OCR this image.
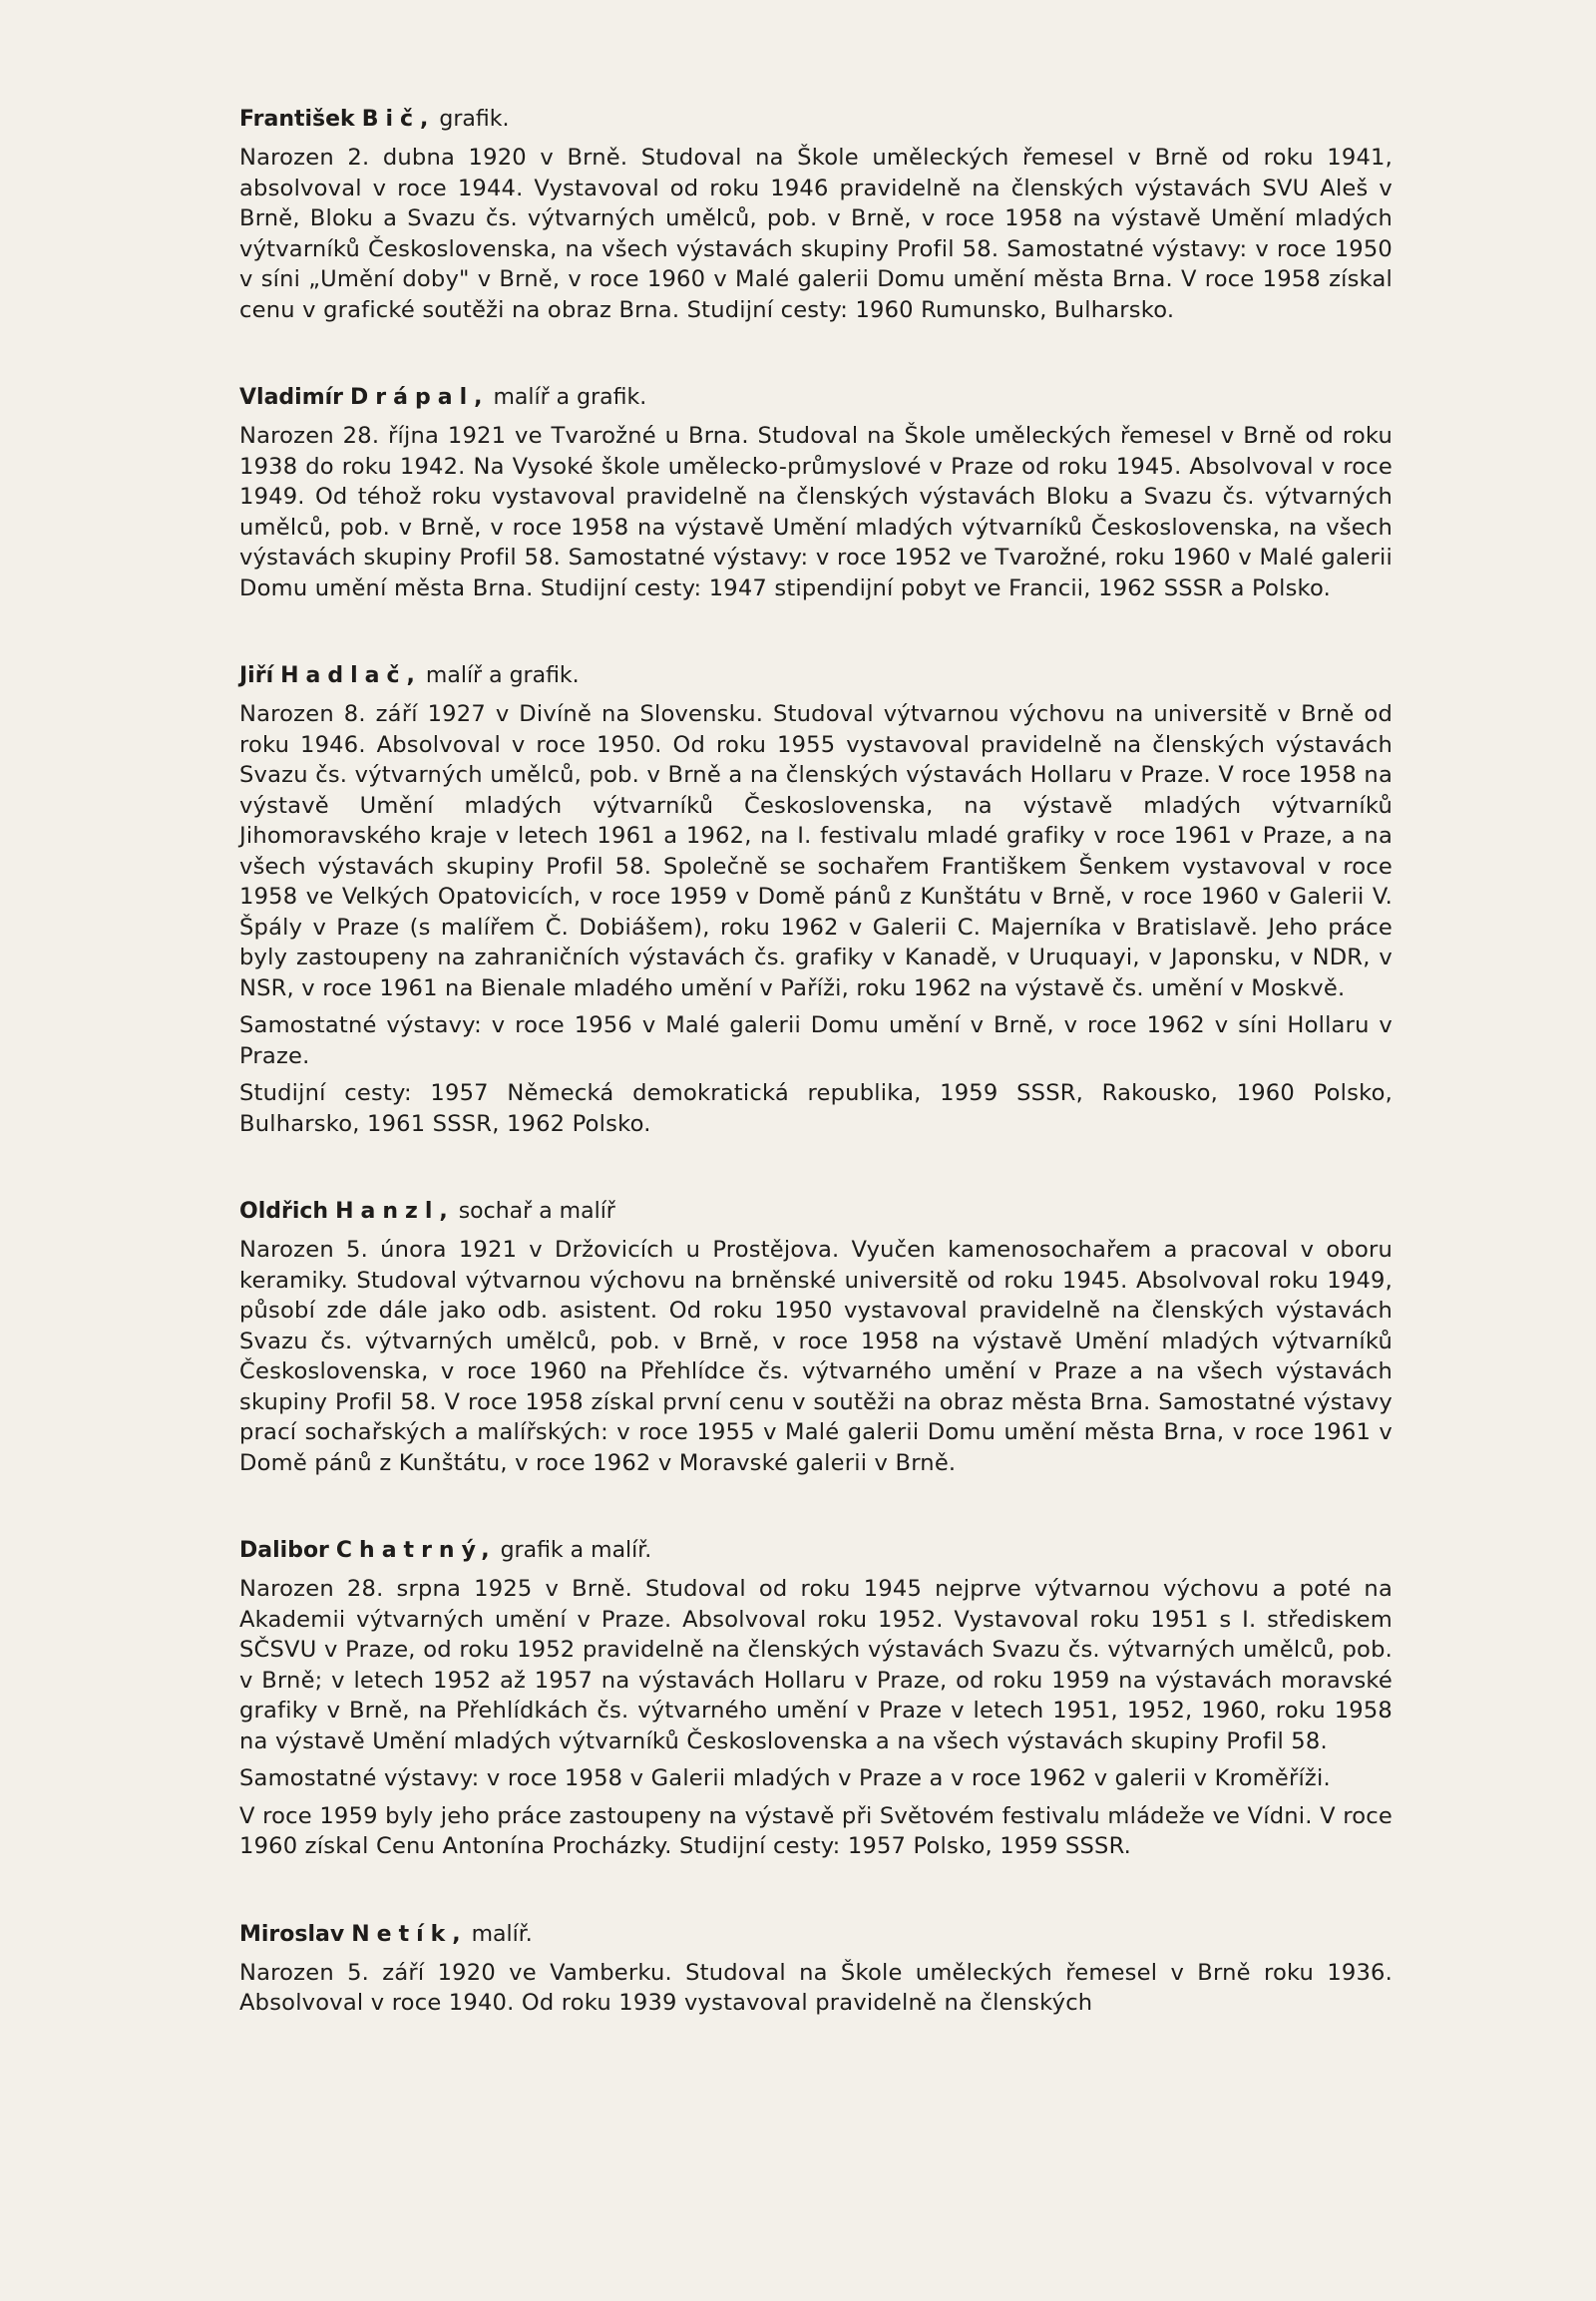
František Bič, grafik.

Narozen 2. dubna 1920 v Brně. Studoval na Škole uměleckých řemesel v Brně od roku 1941, absolvoval v roce 1944. Vystavoval od roku 1946 pravidelně na členských výstavách SVU Aleš v Brně, Bloku a Svazu čs. výtvarných umělců, pob. v Brně, v roce 1958 na výstavě Umění mladých výtvarníků Československa, na všech výstavách skupiny Profil 58. Samostatné výstavy: v roce 1950 v síni „Umění doby" v Brně, v roce 1960 v Malé galerii Domu umění města Brna. V roce 1958 získal cenu v grafické soutěži na obraz Brna. Studijní cesty: 1960 Rumunsko, Bulharsko.

Vladimír Drápal, malíř a grafik.

Narozen 28. října 1921 ve Tvarožné u Brna. Studoval na Škole uměleckých řemesel v Brně od roku 1938 do roku 1942. Na Vysoké škole umělecko-průmyslové v Praze od roku 1945. Absolvoval v roce 1949. Od téhož roku vystavoval pravidelně na členských výstavách Bloku a Svazu čs. výtvarných umělců, pob. v Brně, v roce 1958 na výstavě Umění mladých výtvarníků Československa, na všech výstavách skupiny Profil 58. Samostatné výstavy: v roce 1952 ve Tvarožné, roku 1960 v Malé galerii Domu umění města Brna. Studijní cesty: 1947 stipendijní pobyt ve Francii, 1962 SSSR a Polsko.

Jiří Hadlač, malíř a grafik.

Narozen 8. září 1927 v Divíně na Slovensku. Studoval výtvarnou výchovu na universitě v Brně od roku 1946. Absolvoval v roce 1950. Od roku 1955 vystavoval pravidelně na členských výstavách Svazu čs. výtvarných umělců, pob. v Brně a na členských výstavách Hollaru v Praze. V roce 1958 na výstavě Umění mladých výtvarníků Československa, na výstavě mladých výtvarníků Jihomoravského kraje v letech 1961 a 1962, na I. festivalu mladé grafiky v roce 1961 v Praze, a na všech výstavách skupiny Profil 58. Společně se sochařem Františkem Šenkem vystavoval v roce 1958 ve Velkých Opatovicích, v roce 1959 v Domě pánů z Kunštátu v Brně, v roce 1960 v Galerii V. Špály v Praze (s malířem Č. Dobiášem), roku 1962 v Galerii C. Majerníka v Bratislavě. Jeho práce byly zastoupeny na zahraničních výstavách čs. grafiky v Kanadě, v Uruquayi, v Japonsku, v NDR, v NSR, v roce 1961 na Bienale mladého umění v Paříži, roku 1962 na výstavě čs. umění v Moskvě.

Samostatné výstavy: v roce 1956 v Malé galerii Domu umění v Brně, v roce 1962 v síni Hollaru v Praze.

Studijní cesty: 1957 Německá demokratická republika, 1959 SSSR, Rakousko, 1960 Polsko, Bulharsko, 1961 SSSR, 1962 Polsko.

Oldřich Hanzl, sochař a malíř

Narozen 5. února 1921 v Držovicích u Prostějova. Vyučen kamenosochařem a pracoval v oboru keramiky. Studoval výtvarnou výchovu na brněnské universitě od roku 1945. Absolvoval roku 1949, působí zde dále jako odb. asistent. Od roku 1950 vystavoval pravidelně na členských výstavách Svazu čs. výtvarných umělců, pob. v Brně, v roce 1958 na výstavě Umění mladých výtvarníků Československa, v roce 1960 na Přehlídce čs. výtvarného umění v Praze a na všech výstavách skupiny Profil 58. V roce 1958 získal první cenu v soutěži na obraz města Brna. Samostatné výstavy prací sochařských a malířských: v roce 1955 v Malé galerii Domu umění města Brna, v roce 1961 v Domě pánů z Kunštátu, v roce 1962 v Moravské galerii v Brně.

Dalibor Chatrný, grafik a malíř.

Narozen 28. srpna 1925 v Brně. Studoval od roku 1945 nejprve výtvarnou výchovu a poté na Akademii výtvarných umění v Praze. Absolvoval roku 1952. Vystavoval roku 1951 s I. střediskem SČSVU v Praze, od roku 1952 pravidelně na členských výstavách Svazu čs. výtvarných umělců, pob. v Brně; v letech 1952 až 1957 na výstavách Hollaru v Praze, od roku 1959 na výstavách moravské grafiky v Brně, na Přehlídkách čs. výtvarného umění v Praze v letech 1951, 1952, 1960, roku 1958 na výstavě Umění mladých výtvarníků Československa a na všech výstavách skupiny Profil 58.

Samostatné výstavy: v roce 1958 v Galerii mladých v Praze a v roce 1962 v galerii v Kroměříži.

V roce 1959 byly jeho práce zastoupeny na výstavě při Světovém festivalu mládeže ve Vídni. V roce 1960 získal Cenu Antonína Procházky. Studijní cesty: 1957 Polsko, 1959 SSSR.

Miroslav Netík, malíř.

Narozen 5. září 1920 ve Vamberku. Studoval na Škole uměleckých řemesel v Brně roku 1936. Absolvoval v roce 1940. Od roku 1939 vystavoval pravidelně na členských
